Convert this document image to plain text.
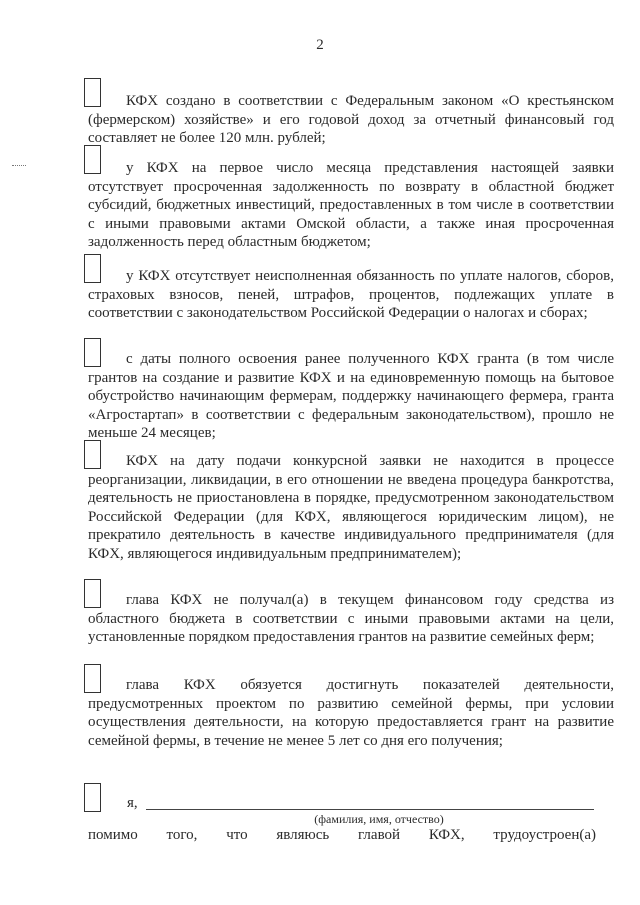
2
КФХ создано в соответствии с Федеральным законом «О крестьянском (фермерском) хозяйстве» и его годовой доход за отчетный финансовый год составляет не более 120 млн. рублей;
у КФХ на первое число месяца представления настоящей заявки отсутствует просроченная задолженность по возврату в областной бюджет субсидий, бюджетных инвестиций, предоставленных в том числе в соответствии с иными правовыми актами Омской области, а также иная просроченная задолженность перед областным бюджетом;
у КФХ отсутствует неисполненная обязанность по уплате налогов, сборов, страховых взносов, пеней, штрафов, процентов, подлежащих уплате в соответствии с законодательством Российской Федерации о налогах и сборах;
с даты полного освоения ранее полученного КФХ гранта (в том числе грантов на создание и развитие КФХ и на единовременную помощь на бытовое обустройство начинающим фермерам, поддержку начинающего фермера, гранта «Агростартап» в соответствии с федеральным законодательством), прошло не меньше 24 месяцев;
КФХ на дату подачи конкурсной заявки не находится в процессе реорганизации, ликвидации, в его отношении не введена процедура банкротства, деятельность не приостановлена в порядке, предусмотренном законодательством Российской Федерации (для КФХ, являющегося юридическим лицом), не прекратило деятельность в качестве индивидуального предпринимателя (для КФХ, являющегося индивидуальным предпринимателем);
глава КФХ не получал(а) в текущем финансовом году средства из областного бюджета в соответствии с иными правовыми актами на цели, установленные порядком предоставления грантов на развитие семейных ферм;
глава КФХ обязуется достигнуть показателей деятельности, предусмотренных проектом по развитию семейной фермы, при условии осуществления деятельности, на которую предоставляется грант на развитие семейной фермы, в течение не менее 5 лет со дня его получения;
я,
(фамилия, имя, отчество)
помимо того, что являюсь главой КФХ, трудоустроен(а)
